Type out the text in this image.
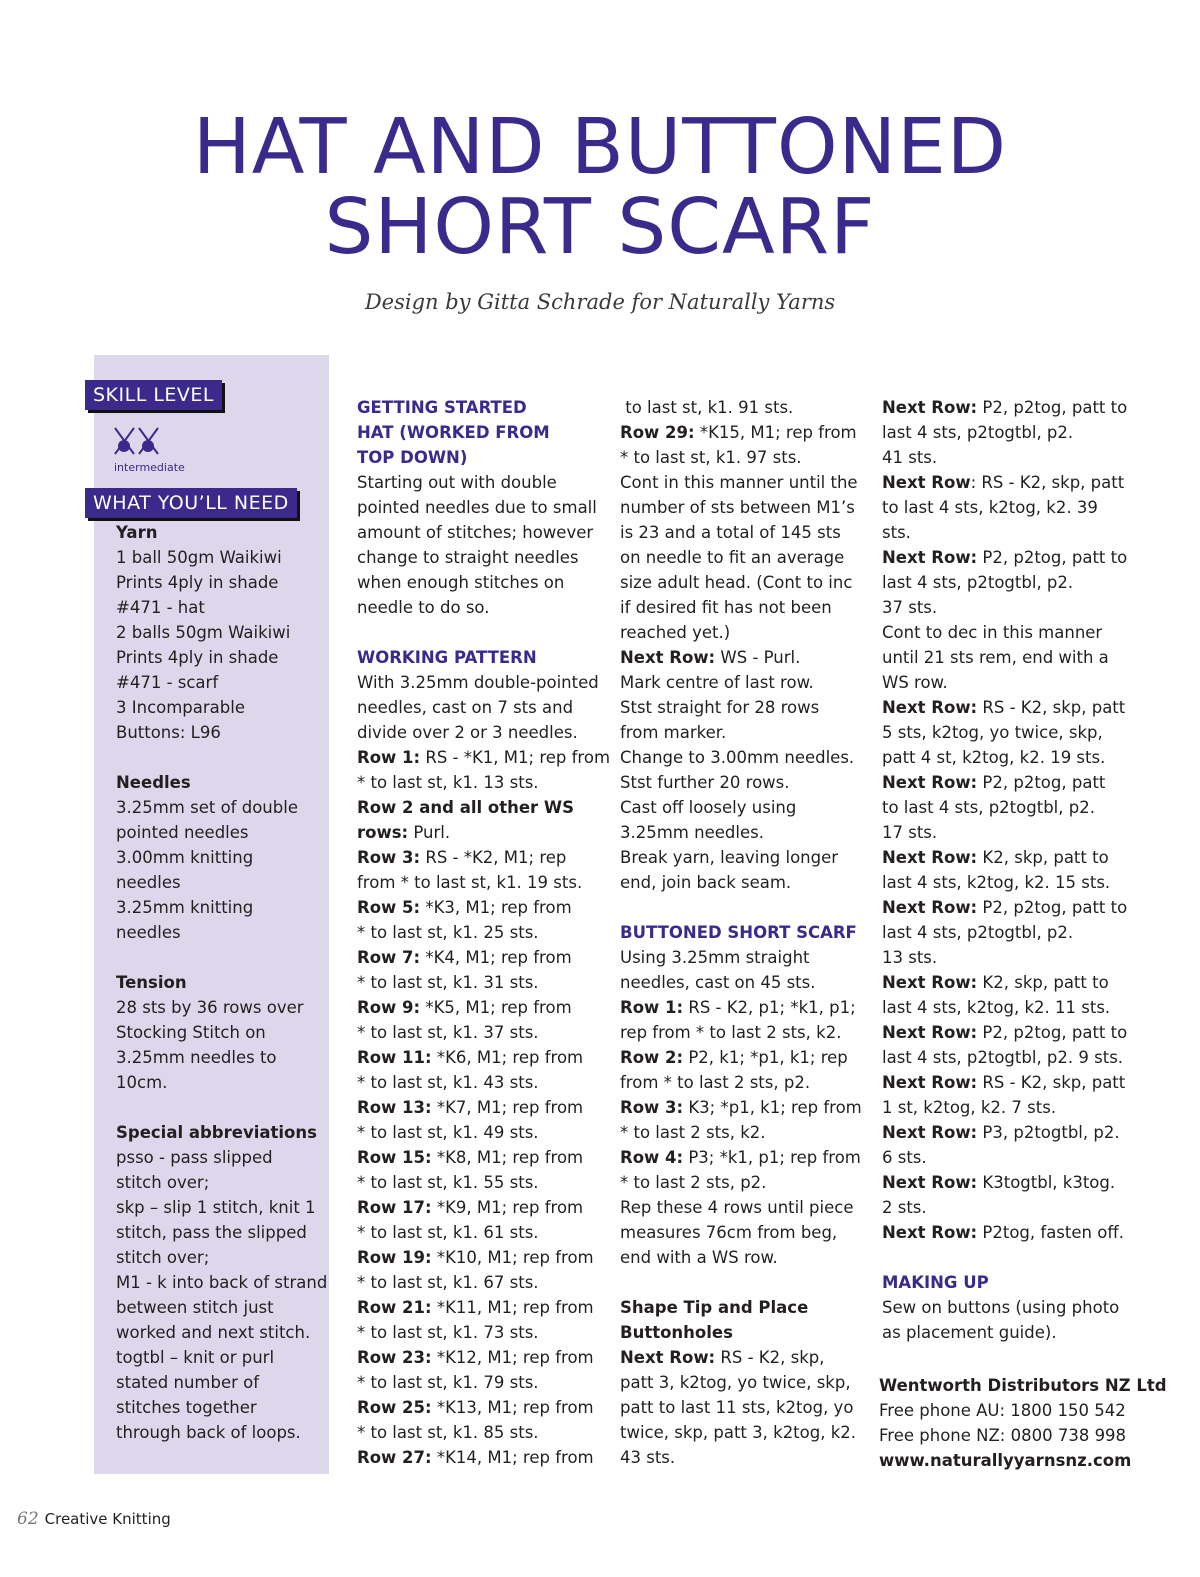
HAT AND BUTTONED
SHORT SCARF
Design by Gitta Schrade for Naturally Yarns
SKILL LEVEL
intermediate
WHAT YOU’LL NEED
Yarn
1 ball 50gm Waikiwi
Prints 4ply in shade
#471 - hat
2 balls 50gm Waikiwi
Prints 4ply in shade
#471 - scarf
3 Incomparable
Buttons: L96
Needles
3.25mm set of double
pointed needles
3.00mm knitting
needles
3.25mm knitting
needles
Tension
28 sts by 36 rows over
Stocking Stitch on
3.25mm needles to
10cm.
Special abbreviations
psso - pass slipped
stitch over;
skp – slip 1 stitch, knit 1
stitch, pass the slipped
stitch over;
M1 - k into back of strand
between stitch just
worked and next stitch.
togtbl – knit or purl
stated number of
stitches together
through back of loops.
GETTING STARTED
HAT (WORKED FROM
TOP DOWN)
Starting out with double
pointed needles due to small
amount of stitches; however
change to straight needles
when enough stitches on
needle to do so.
WORKING PATTERN
With 3.25mm double-pointed
needles, cast on 7 sts and
divide over 2 or 3 needles.
Row 1: RS - *K1, M1; rep from
* to last st, k1. 13 sts.
Row 2 and all other WS
rows: Purl.
Row 3: RS - *K2, M1; rep
from * to last st, k1. 19 sts.
Row 5: *K3, M1; rep from
* to last st, k1. 25 sts.
Row 7: *K4, M1; rep from
* to last st, k1. 31 sts.
Row 9: *K5, M1; rep from
* to last st, k1. 37 sts.
Row 11: *K6, M1; rep from
* to last st, k1. 43 sts.
Row 13: *K7, M1; rep from
* to last st, k1. 49 sts.
Row 15: *K8, M1; rep from
* to last st, k1. 55 sts.
Row 17: *K9, M1; rep from
* to last st, k1. 61 sts.
Row 19: *K10, M1; rep from
* to last st, k1. 67 sts.
Row 21: *K11, M1; rep from
* to last st, k1. 73 sts.
Row 23: *K12, M1; rep from
* to last st, k1. 79 sts.
Row 25: *K13, M1; rep from
* to last st, k1. 85 sts.
Row 27: *K14, M1; rep from
to last st, k1. 91 sts.
Row 29: *K15, M1; rep from
* to last st, k1. 97 sts.
Cont in this manner until the
number of sts between M1’s
is 23 and a total of 145 sts
on needle to fit an average
size adult head. (Cont to inc
if desired fit has not been
reached yet.)
Next Row: WS - Purl.
Mark centre of last row.
Stst straight for 28 rows
from marker.
Change to 3.00mm needles.
Stst further 20 rows.
Cast off loosely using
3.25mm needles.
Break yarn, leaving longer
end, join back seam.
BUTTONED SHORT SCARF
Using 3.25mm straight
needles, cast on 45 sts.
Row 1: RS - K2, p1; *k1, p1;
rep from * to last 2 sts, k2.
Row 2: P2, k1; *p1, k1; rep
from * to last 2 sts, p2.
Row 3: K3; *p1, k1; rep from
* to last 2 sts, k2.
Row 4: P3; *k1, p1; rep from
* to last 2 sts, p2.
Rep these 4 rows until piece
measures 76cm from beg,
end with a WS row.
Shape Tip and Place
Buttonholes
Next Row: RS - K2, skp,
patt 3, k2tog, yo twice, skp,
patt to last 11 sts, k2tog, yo
twice, skp, patt 3, k2tog, k2.
43 sts.
Next Row: P2, p2tog, patt to
last 4 sts, p2togtbl, p2.
41 sts.
Next Row: RS - K2, skp, patt
to last 4 sts, k2tog, k2. 39
sts.
Next Row: P2, p2tog, patt to
last 4 sts, p2togtbl, p2.
37 sts.
Cont to dec in this manner
until 21 sts rem, end with a
WS row.
Next Row: RS - K2, skp, patt
5 sts, k2tog, yo twice, skp,
patt 4 st, k2tog, k2. 19 sts.
Next Row: P2, p2tog, patt
to last 4 sts, p2togtbl, p2.
17 sts.
Next Row: K2, skp, patt to
last 4 sts, k2tog, k2. 15 sts.
Next Row: P2, p2tog, patt to
last 4 sts, p2togtbl, p2.
13 sts.
Next Row: K2, skp, patt to
last 4 sts, k2tog, k2. 11 sts.
Next Row: P2, p2tog, patt to
last 4 sts, p2togtbl, p2. 9 sts.
Next Row: RS - K2, skp, patt
1 st, k2tog, k2. 7 sts.
Next Row: P3, p2togtbl, p2.
6 sts.
Next Row: K3togtbl, k3tog.
2 sts.
Next Row: P2tog, fasten off.
MAKING UP
Sew on buttons (using photo
as placement guide).
Wentworth Distributors NZ Ltd
Free phone AU: 1800 150 542
Free phone NZ: 0800 738 998
www.naturallyyarnsnz.com
62 Creative Knitting
